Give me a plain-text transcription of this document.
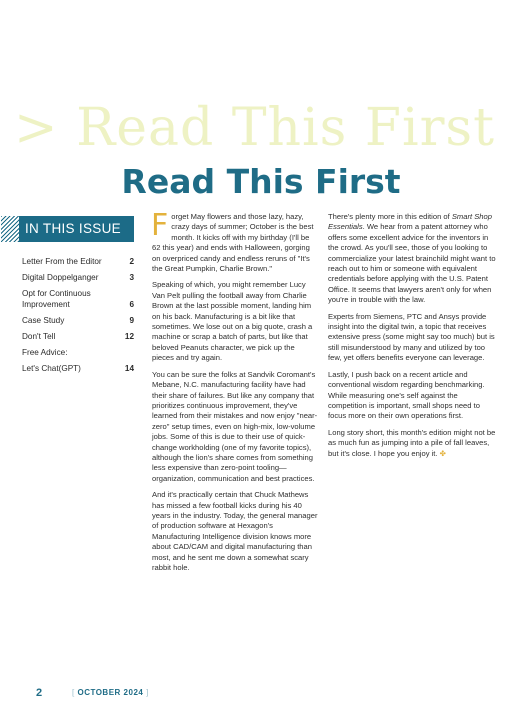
> Read This First
Read This First
IN THIS ISSUE
Letter From the Editor	2
Digital Doppelganger	3
Opt for Continuous Improvement	6
Case Study	9
Don't Tell	12
Free Advice:
Let's Chat(GPT)	14

Forget May flowers and those lazy, hazy, crazy days of summer; October is the best month. It kicks off with my birthday (I'll be 62 this year) and ends with Halloween, gorging on overpriced candy and endless reruns of "It's the Great Pumpkin, Charlie Brown."

Speaking of which, you might remember Lucy Van Pelt pulling the football away from Charlie Brown at the last possible moment, landing him on his back. Manufacturing is a bit like that sometimes. We lose out on a big quote, crash a machine or scrap a batch of parts, but like that beloved Peanuts character, we pick up the pieces and try again.

You can be sure the folks at Sandvik Coromant's Mebane, N.C. manufacturing facility have had their share of failures. But like any company that prioritizes continuous improvement, they've learned from their mistakes and now enjoy "near-zero" setup times, even on high-mix, low-volume jobs. Some of this is due to their use of quick-change workholding (one of my favorite topics), although the lion's share comes from something less expensive than zero-point tooling—organization, communication and best practices.

And it's practically certain that Chuck Mathews has missed a few football kicks during his 40 years in the industry. Today, the general manager of production software at Hexagon's Manufacturing Intelligence division knows more about CAD/CAM and digital manufacturing than most, and he sent me down a somewhat scary rabbit hole.

There's plenty more in this edition of Smart Shop Essentials. We hear from a patent attorney who offers some excellent advice for the inventors in the crowd. As you'll see, those of you looking to commercialize your latest brainchild might want to reach out to him or someone with equivalent credentials before applying with the U.S. Patent Office. It seems that lawyers aren't only for when you're in trouble with the law.

Experts from Siemens, PTC and Ansys provide insight into the digital twin, a topic that receives extensive press (some might say too much) but is still misunderstood by many and utilized by too few, yet offers benefits everyone can leverage.

Lastly, I push back on a recent article and conventional wisdom regarding benchmarking. While measuring one's self against the competition is important, small shops need to focus more on their own operations first.

Long story short, this month's edition might not be as much fun as jumping into a pile of fall leaves, but it's close. I hope you enjoy it. ✤

2	[ OCTOBER 2024 ]
